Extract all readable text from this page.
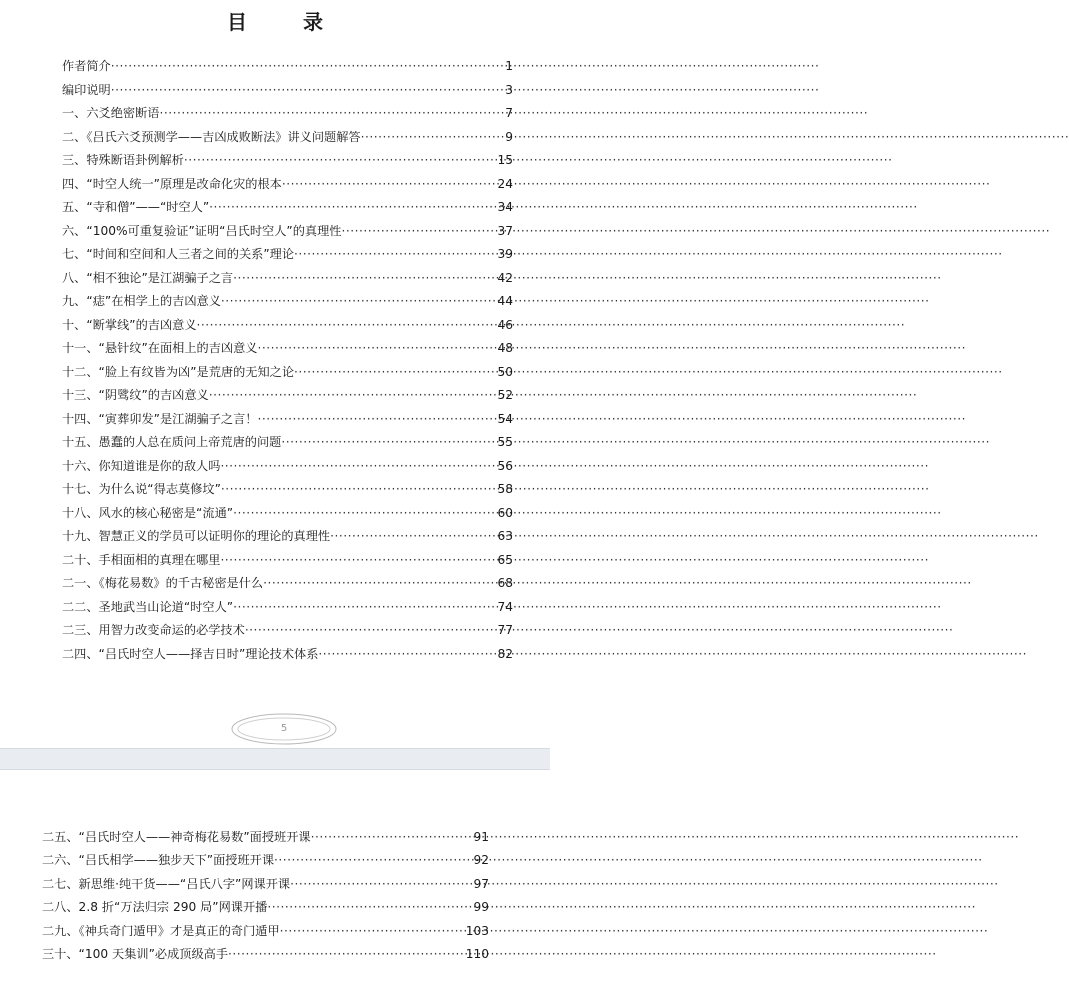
目　录
作者简介 ·····	1
编印说明 ·····	3
一、六爻绝密断语 ·····	7
二、《吕氏六爻预测学——吉凶成败断法》讲义问题解答 ·····	9
三、特殊断语卦例解析 ·····	15
四、“时空人统一”原理是改命化灾的根本 ·····	24
五、“寺和僧”——“时空人” ·····	34
六、“100%可重复验证”证明“吕氏时空人”的真理性 ·····	37
七、“时间和空间和人三者之间的关系”理论 ·····	39
八、“相不独论”是江湖骗子之言 ·····	42
九、“痣”在相学上的吉凶意义 ·····	44
十、“断掌线”的吉凶意义 ·····	46
十一、“悬针纹”在面相上的吉凶意义 ·····	48
十二、“脸上有纹皆为凶”是荒唐的无知之论 ·····	50
十三、“阴骘纹”的吉凶意义 ·····	52
十四、“寅葬卯发”是江湖骗子之言！ ·····	54
十五、愚蠢的人总在质问上帝荒唐的问题 ·····	55
十六、你知道谁是你的敌人吗 ·····	56
十七、为什么说“得志莫修坟” ·····	58
十八、风水的核心秘密是“流通” ·····	60
十九、智慧正义的学员可以证明你的理论的真理性 ·····	63
二十、手相面相的真理在哪里 ·····	65
二一、《梅花易数》的千古秘密是什么 ·····	68
二二、圣地武当山论道“时空人” ·····	74
二三、用智力改变命运的必学技术 ·····	77
二四、“吕氏时空人——择吉日时”理论技术体系 ·····	82
5
二五、“吕氏时空人——神奇梅花易数”面授班开课 ·····	91
二六、“吕氏相学——独步天下”面授班开课 ·····	92
二七、新思维·纯干货——“吕氏八字”网课开课 ·····	97
二八、2.8 折“万法归宗 290 局”网课开播 ·····	99
二九、《神兵奇门遁甲》才是真正的奇门遁甲 ·····	103
三十、“100 天集训”必成顶级高手 ·····	110
